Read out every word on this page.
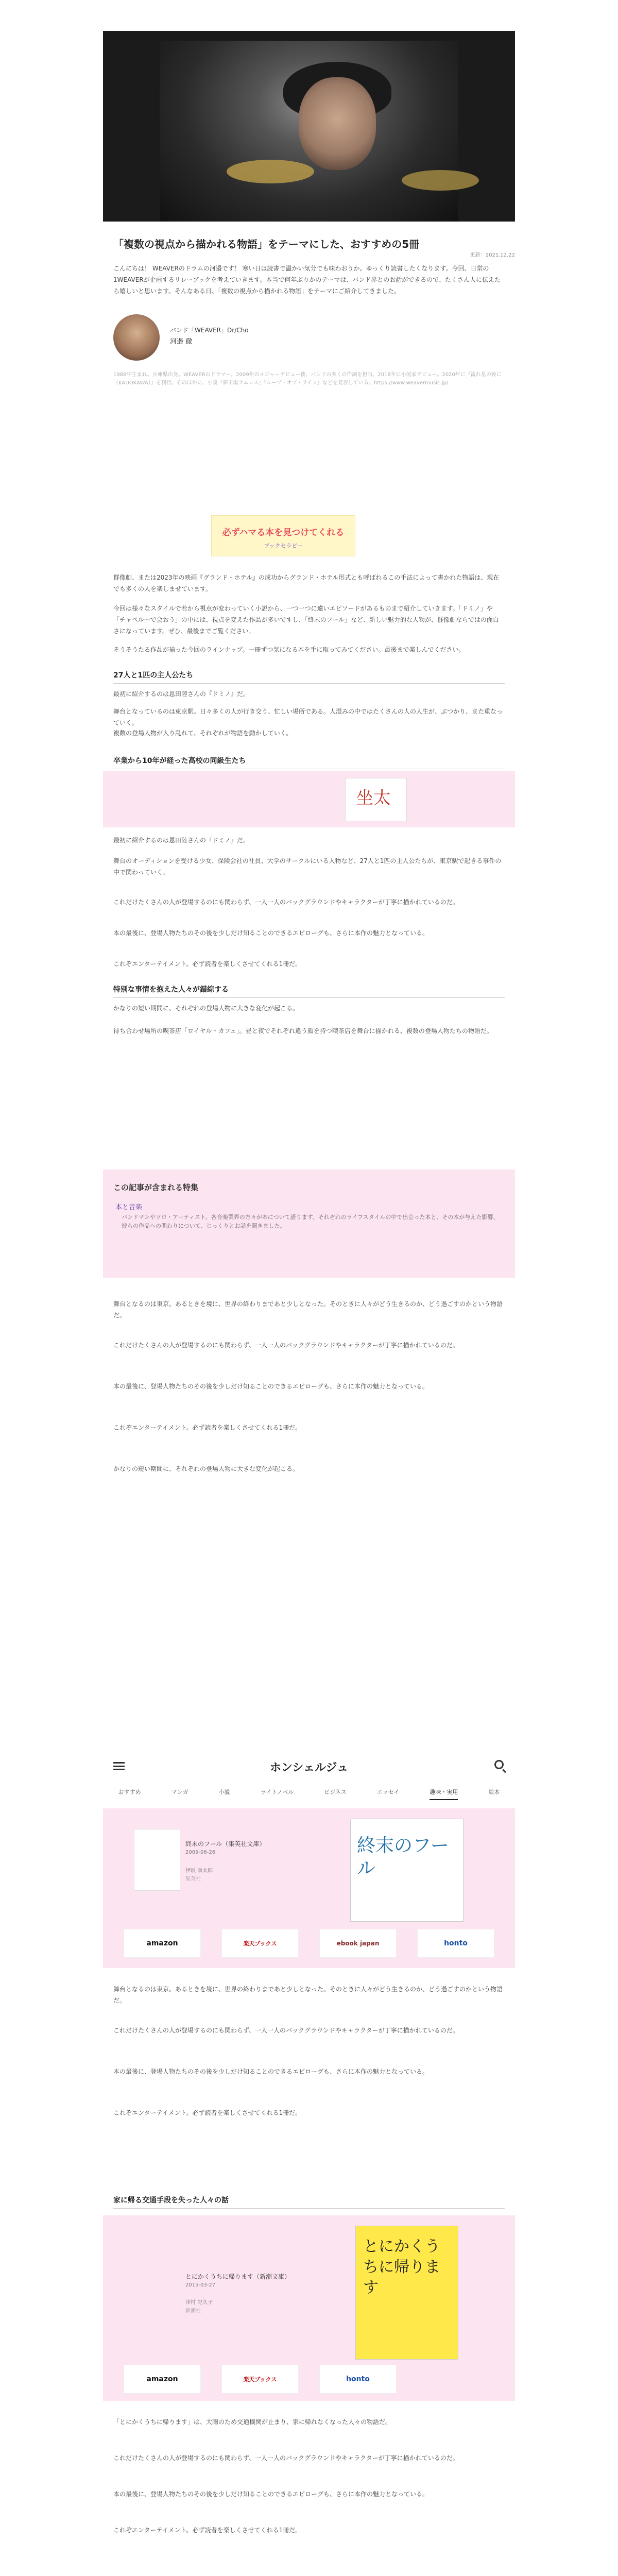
「複数の視点から描かれる物語」をテーマにした、おすすめの5冊
更新：2021.12.22

こんにちは！ WEAVERのドラムの河邉です！ 寒い日は読書で温かい気分でも味わおうか。ゆっくり読書したくなります。今回、日常の1WEAVERが企画するリレーブックを考えていきます。本当で何年ぶりかのテーマは、バンド界とのお話ができるので、たくさん人に伝えたら嬉しいと思います。そんなある日、「複数の視点から描かれる物語」をテーマにご紹介してきました。

バンド「WEAVER」Dr/Cho
河邉 徹
1988年生まれ。兵庫県出身。WEAVERのドラマー。2009年のメジャーデビュー後、バンドの多くの作詞を担当。2018年に小説家デビュー。2020年に『流れ星の夜に（KADOKAWA）』を刊行。そのほかに、小説『夢工場ラムレス』『ループ・オブ・ライフ』などを発表している。https://www.weavermusic.jp/
必ずハマる本を見つけてくれる
ブックセラピー

群像劇、または2023年の映画『グランド・ホテル』の成功からグランド・ホテル形式とも呼ばれるこの手法によって書かれた物語は、現在でも多くの人を楽しませています。

今回は様々なスタイルで若から視点が変わっていく小説から、一つ一つに違いエピソードがあるものまで紹介していきます。「ドミノ」や「チャペル〜で会おう」の中には、視点を変えた作品が多いですし、「終末のフール」など、新しい魅力的な人物が、群像劇ならではの面白さになっています。ぜひ、最後までご覧ください。

そうそうたる作品が揃った今回のラインナップ。一冊ずつ気になる本を手に取ってみてください。最後まで楽しんでください。

27人と1匹の主人公たち

最初に紹介するのは恩田陸さんの『ドミノ』だ。

舞台となっているのは東京駅。日々多くの人が行き交う、忙しい場所である。人混みの中ではたくさんの人の人生が、ぶつかり、また重なっていく。

複数の登場人物が入り乱れて、それぞれが物語を動かしていく。

卒業から10年が経った高校の同級生たち
坐太

最初に紹介するのは恩田陸さんの『ドミノ』だ。

舞台のオーディションを受ける少女、保険会社の社員、大学のサークルにいる人物など、27人と1匹の主人公たちが、東京駅で起きる事件の中で関わっていく。

これだけたくさんの人が登場するのにも関わらず、一人一人のバックグラウンドやキャラクターが丁寧に描かれているのだ。

本の最後に、登場人物たちのその後を少しだけ知ることのできるエピローグも、さらに本作の魅力となっている。

これぞエンターテイメント。必ず読者を楽しくさせてくれる1冊だ。

特別な事情を抱えた人々が錯綜する

かなりの短い期間に、それぞれの登場人物に大きな変化が起こる。

待ち合わせ場所の喫茶店「ロイヤル・カフェ」。昼と夜でそれぞれ違う顔を持つ喫茶店を舞台に描かれる、複数の登場人物たちの物語だ。

この記事が含まれる特集
本と音楽
バンドマンやソロ・アーティスト、各音楽業界の方々が本について語ります。それぞれのライフスタイルの中で出会った本と、その本が与えた影響、彼らの作品への関わりについて、じっくりとお話を聞きました。

舞台となるのは東京。あるときを境に、世界の終わりまであと少しとなった。そのときに人々がどう生きるのか、どう過ごすのかという物語だ。

これだけたくさんの人が登場するのにも関わらず、一人一人のバックグラウンドやキャラクターが丁寧に描かれているのだ。

本の最後に、登場人物たちのその後を少しだけ知ることのできるエピローグも、さらに本作の魅力となっている。

これぞエンターテイメント。必ず読者を楽しくさせてくれる1冊だ。

かなりの短い期間に、それぞれの登場人物に大きな変化が起こる。

ホンシェルジュ
おすすめ	マンガ	小説	ライトノベル	ビジネス	エッセイ	趣味・実用	絵本
終末のフール（集英社文庫）
2009-06-26
伊坂 幸太郎
集英社
終末のフール
amazon	楽天ブックス	ebook japan	honto

舞台となるのは東京。あるときを境に、世界の終わりまであと少しとなった。そのときに人々がどう生きるのか、どう過ごすのかという物語だ。

これだけたくさんの人が登場するのにも関わらず、一人一人のバックグラウンドやキャラクターが丁寧に描かれているのだ。

本の最後に、登場人物たちのその後を少しだけ知ることのできるエピローグも、さらに本作の魅力となっている。

これぞエンターテイメント。必ず読者を楽しくさせてくれる1冊だ。

家に帰る交通手段を失った人々の話
とにかくうちに帰ります（新潮文庫）
2015-03-27
津村 記久子
新潮社
とにかくうちに帰ります
amazon	楽天ブックス	honto

「とにかくうちに帰ります」は、大雨のため交通機関が止まり、家に帰れなくなった人々の物語だ。

これだけたくさんの人が登場するのにも関わらず、一人一人のバックグラウンドやキャラクターが丁寧に描かれているのだ。

本の最後に、登場人物たちのその後を少しだけ知ることのできるエピローグも、さらに本作の魅力となっている。

これぞエンターテイメント。必ず読者を楽しくさせてくれる1冊だ。
